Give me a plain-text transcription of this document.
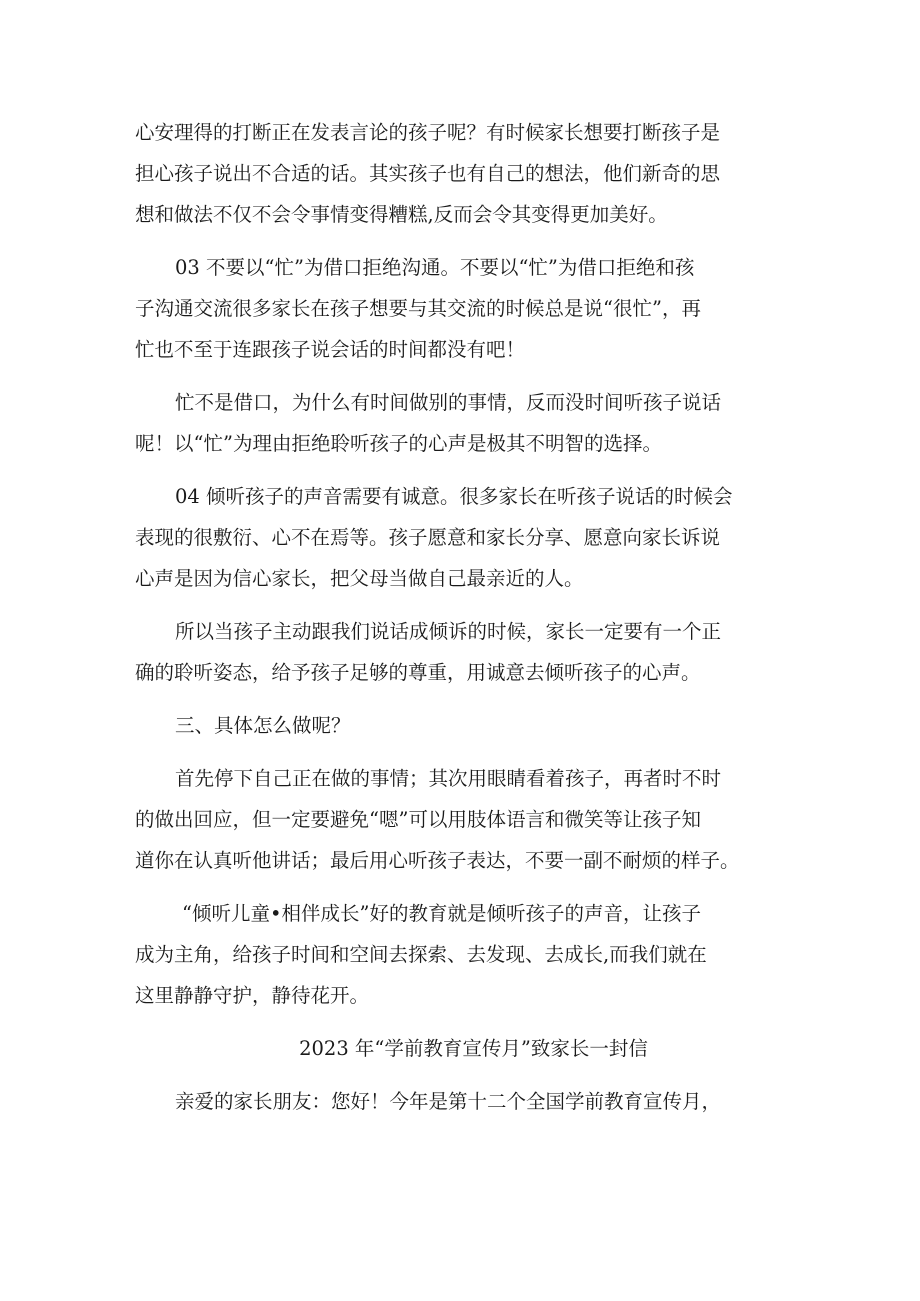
心安理得的打断正在发表言论的孩子呢？有时候家长想要打断孩子是
担心孩子说出不合适的话。其实孩子也有自己的想法，他们新奇的思
想和做法不仅不会令事情变得糟糕,反而会令其变得更加美好。
03 不要以“忙”为借口拒绝沟通。不要以“忙”为借口拒绝和孩
子沟通交流很多家长在孩子想要与其交流的时候总是说“很忙”，再
忙也不至于连跟孩子说会话的时间都没有吧！
忙不是借口，为什么有时间做别的事情，反而没时间听孩子说话
呢！以“忙”为理由拒绝聆听孩子的心声是极其不明智的选择。
04 倾听孩子的声音需要有诚意。很多家长在听孩子说话的时候会
表现的很敷衍、心不在焉等。孩子愿意和家长分享、愿意向家长诉说
心声是因为信心家长，把父母当做自己最亲近的人。
所以当孩子主动跟我们说话成倾诉的时候，家长一定要有一个正
确的聆听姿态，给予孩子足够的尊重，用诚意去倾听孩子的心声。
三、具体怎么做呢？
首先停下自己正在做的事情；其次用眼睛看着孩子，再者时不时
的做出回应，但一定要避免“嗯”可以用肢体语言和微笑等让孩子知
道你在认真听他讲话；最后用心听孩子表达，不要一副不耐烦的样子。
“倾听儿童•相伴成长”好的教育就是倾听孩子的声音，让孩子
成为主角，给孩子时间和空间去探索、去发现、去成长,而我们就在
这里静静守护，静待花开。
2023 年“学前教育宣传月”致家长一封信
亲爱的家长朋友：您好！今年是第十二个全国学前教育宣传月，
